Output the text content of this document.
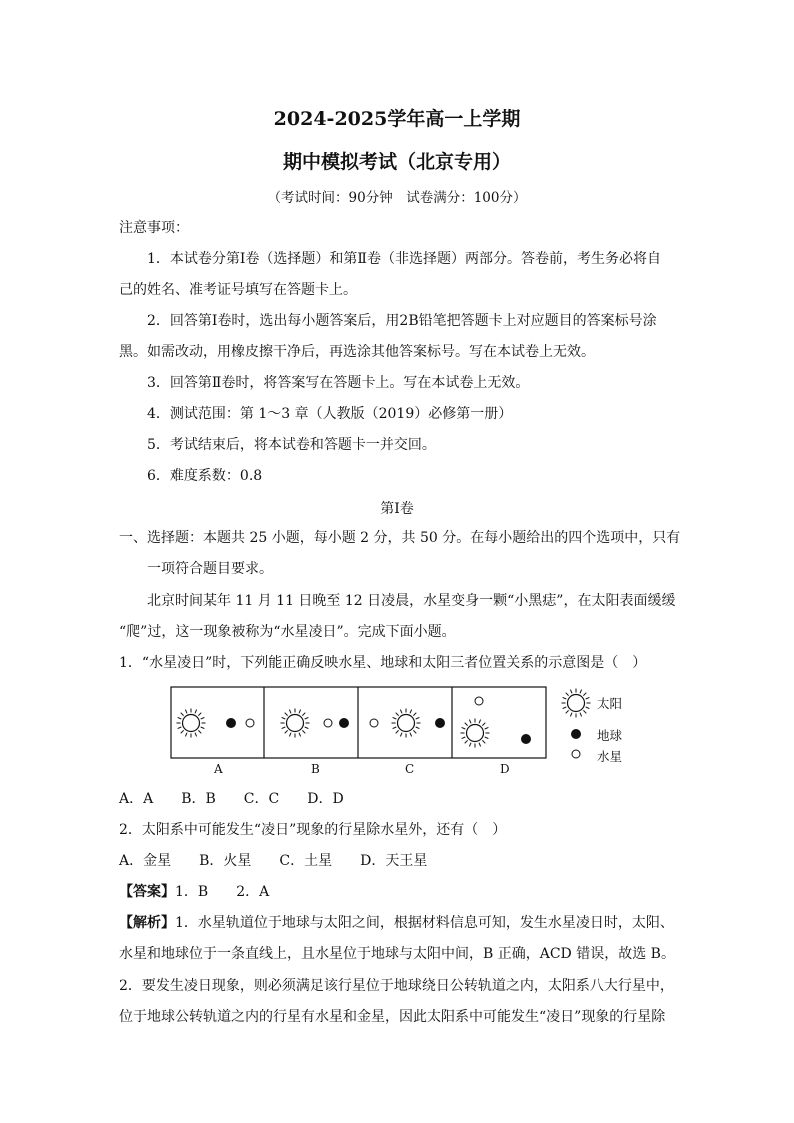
2024-2025学年高一上学期
期中模拟考试（北京专用）
（考试时间：90分钟　试卷满分：100分）
注意事项：
1．本试卷分第Ⅰ卷（选择题）和第Ⅱ卷（非选择题）两部分。答卷前，考生务必将自
己的姓名、准考证号填写在答题卡上。
2．回答第Ⅰ卷时，选出每小题答案后，用2B铅笔把答题卡上对应题目的答案标号涂
黑。如需改动，用橡皮擦干净后，再选涂其他答案标号。写在本试卷上无效。
3．回答第Ⅱ卷时，将答案写在答题卡上。写在本试卷上无效。
4．测试范围：第 1～3 章（人教版（2019）必修第一册）
5．考试结束后，将本试卷和答题卡一并交回。
6．难度系数：0.8
第Ⅰ卷
一、选择题：本题共 25 小题，每小题 2 分，共 50 分。在每小题给出的四个选项中，只有
一项符合题目要求。
北京时间某年 11 月 11 日晚至 12 日凌晨，水星变身一颗“小黑痣”，在太阳表面缓缓
“爬”过，这一现象被称为“水星凌日”。完成下面小题。
1．“水星凌日”时，下列能正确反映水星、地球和太阳三者位置关系的示意图是（　）
A	B	C	D
太阳
地球
水星
A．A　　B．B　　C．C　　D．D
2．太阳系中可能发生“凌日”现象的行星除水星外，还有（　）
A．金星　　B．火星　　C．土星　　D．天王星
【答案】1．B　　2．A
【解析】1．水星轨道位于地球与太阳之间，根据材料信息可知，发生水星凌日时，太阳、
水星和地球位于一条直线上，且水星位于地球与太阳中间，B 正确，ACD 错误，故选 B。
2．要发生凌日现象，则必须满足该行星位于地球绕日公转轨道之内，太阳系八大行星中，
位于地球公转轨道之内的行星有水星和金星，因此太阳系中可能发生“凌日”现象的行星除
